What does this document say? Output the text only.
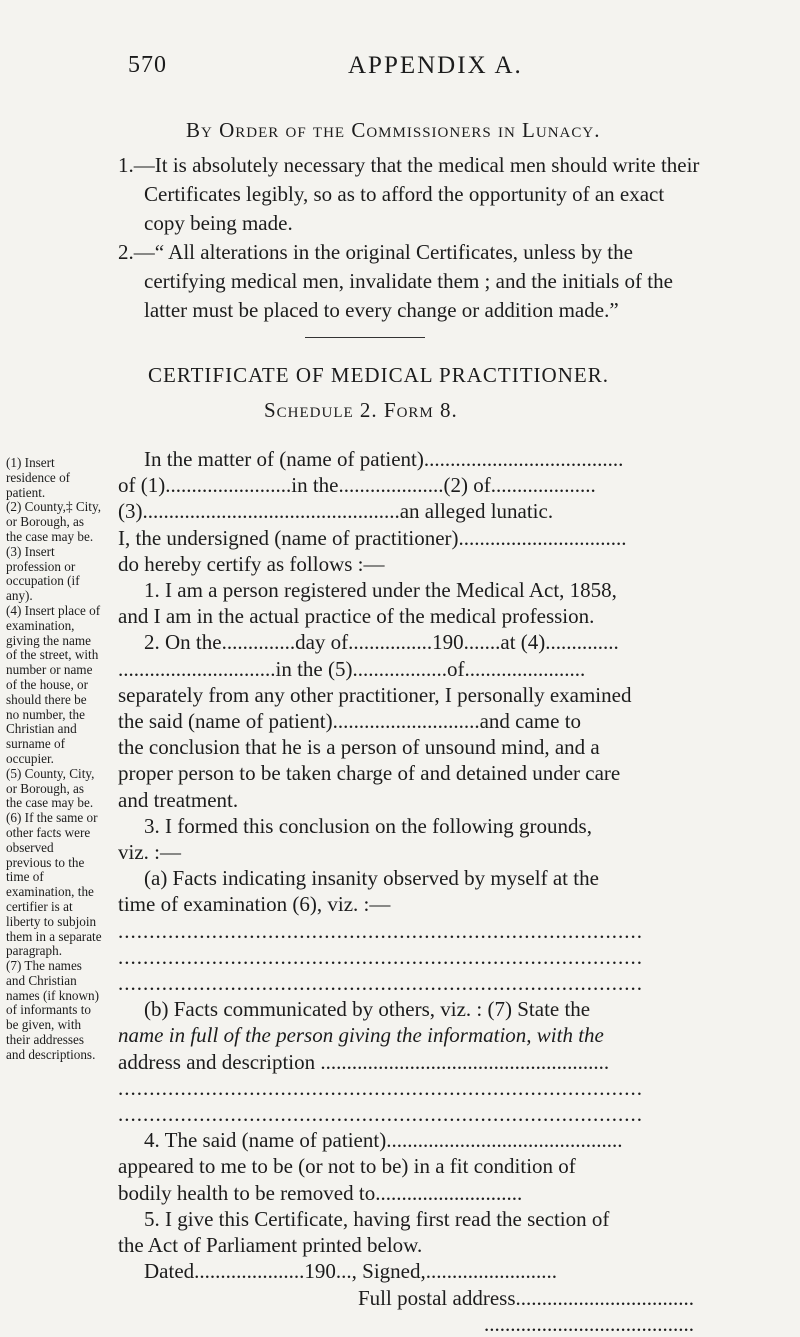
570	APPENDIX A.
By Order of the Commissioners in Lunacy.

1.—It is absolutely necessary that the medical men should write their Certificates legibly, so as to afford the opportunity of an exact copy being made.

2.—“ All alterations in the original Certificates, unless by the certifying medical men, invalidate them ; and the initials of the latter must be placed to every change or addition made.”

CERTIFICATE OF MEDICAL PRACTITIONER.
Schedule 2. Form 8.

(1) Insert residence of patient.

(2) County,‡ City, or Borough, as the case may be.

(3) Insert profession or occupation (if any).

(4) Insert place of examination, giving the name of the street, with number or name of the house, or should there be no number, the Christian and surname of occupier.

(5) County, City, or Borough, as the case may be.

(6) If the same or other facts were observed previous to the time of examination, the certifier is at liberty to subjoin them in a separate paragraph.

(7) The names and Christian names (if known) of informants to be given, with their addresses and descriptions.

In the matter of (name of patient)......................................

of (1)........................in the....................(2) of....................

(3).................................................an alleged lunatic.

I, the undersigned (name of practitioner)................................

do hereby certify as follows :—

1. I am a person registered under the Medical Act, 1858,

and I am in the actual practice of the medical profession.

2. On the..............day of................190.......at (4)..............

..............................in the (5)..................of.......................

separately from any other practitioner, I personally examined

the said (name of patient)............................and came to

the conclusion that he is a person of unsound mind, and a

proper person to be taken charge of and detained under care

and treatment.

3. I formed this conclusion on the following grounds,

viz. :—

(a) Facts indicating insanity observed by myself at the

time of examination (6), viz. :—

....................................................................................

....................................................................................

....................................................................................

(b) Facts communicated by others, viz. : (7) State the

name in full of the person giving the information, with the

address and description .......................................................

....................................................................................

....................................................................................

4. The said (name of patient).............................................

appeared to me to be (or not to be) in a fit condition of

bodily health to be removed to............................

5. I give this Certificate, having first read the section of

the Act of Parliament printed below.

Dated.....................190..., Signed,.........................

Full postal address..................................

........................................
